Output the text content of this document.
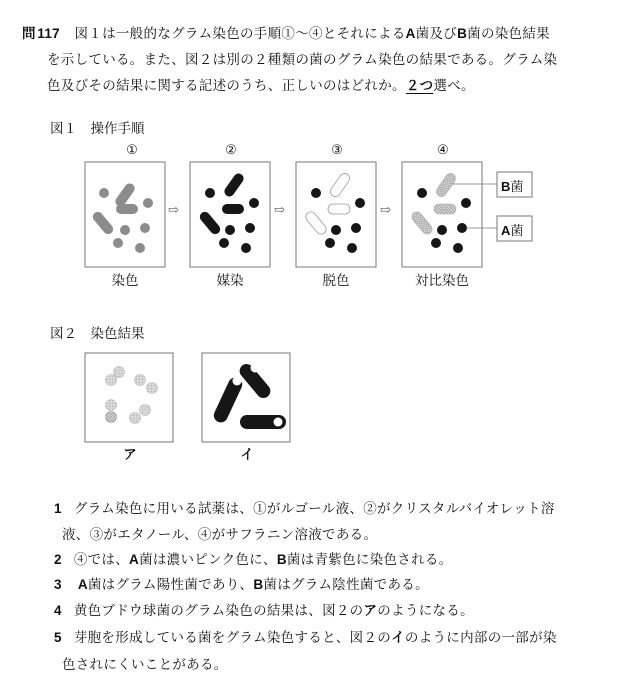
問 117 図１は一般的なグラム染色の手順①～④とそれによるA菌及びB菌の染色結果
を示している。また、図２は別の２種類の菌のグラム染色の結果である。グラム染
色及びその結果に関する記述のうち、正しいのはどれか。２つ選べ。
図１　操作手順
①	②	③	④
⇨	⇨	⇨
B菌
A菌
染色	媒染	脱色	対比染色
図２　染色結果
ア	イ
1 グラム染色に用いる試薬は、①がルゴール液、②がクリスタルバイオレット溶
液、③がエタノール、④がサフラニン溶液である。
2 ④では、A菌は濃いピンク色に、B菌は青紫色に染色される。
3 A菌はグラム陽性菌であり、B菌はグラム陰性菌である。
4 黄色ブドウ球菌のグラム染色の結果は、図２のアのようになる。
5 芽胞を形成している菌をグラム染色すると、図２のイのように内部の一部が染
色されにくいことがある。
